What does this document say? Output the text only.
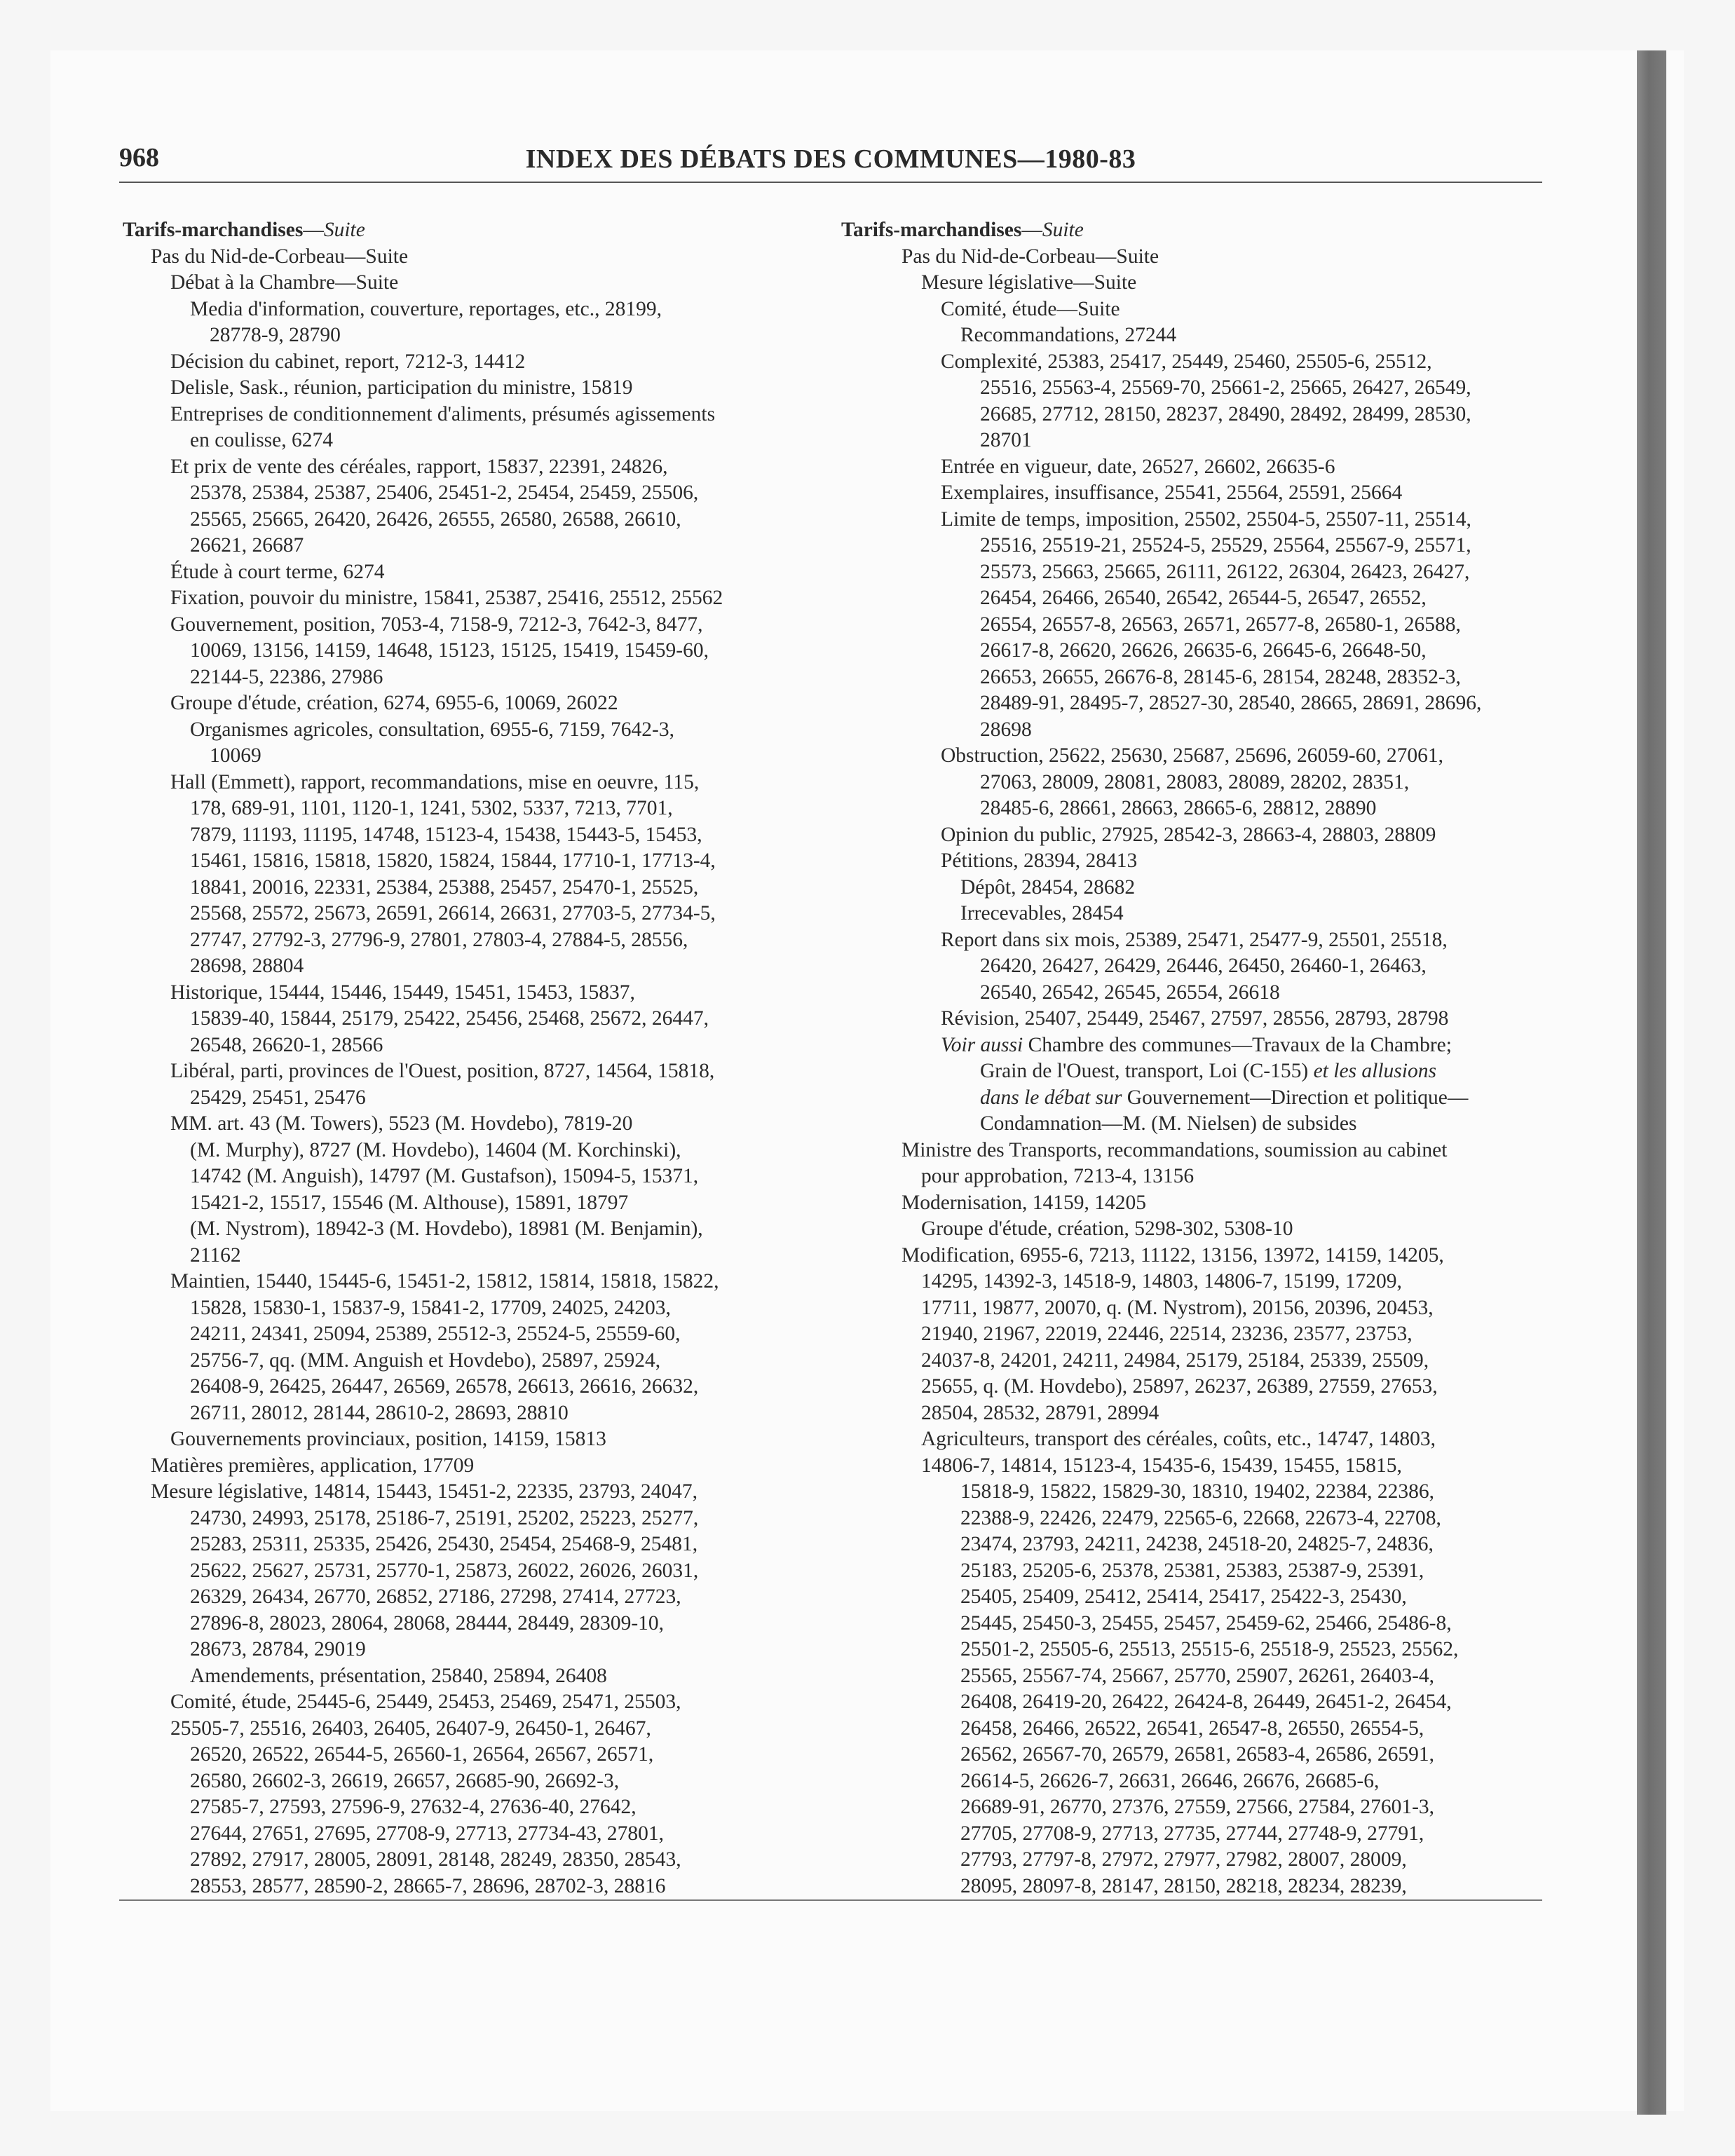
968	INDEX DES DÉBATS DES COMMUNES—1980-83
Tarifs-marchandises—Suite
Pas du Nid-de-Corbeau—Suite
Débat à la Chambre—Suite
Media d'information, couverture, reportages, etc., 28199,
28778-9, 28790
Décision du cabinet, report, 7212-3, 14412
Delisle, Sask., réunion, participation du ministre, 15819
Entreprises de conditionnement d'aliments, présumés agissements
en coulisse, 6274
Et prix de vente des céréales, rapport, 15837, 22391, 24826,
25378, 25384, 25387, 25406, 25451-2, 25454, 25459, 25506,
25565, 25665, 26420, 26426, 26555, 26580, 26588, 26610,
26621, 26687
Étude à court terme, 6274
Fixation, pouvoir du ministre, 15841, 25387, 25416, 25512, 25562
Gouvernement, position, 7053-4, 7158-9, 7212-3, 7642-3, 8477,
10069, 13156, 14159, 14648, 15123, 15125, 15419, 15459-60,
22144-5, 22386, 27986
Groupe d'étude, création, 6274, 6955-6, 10069, 26022
Organismes agricoles, consultation, 6955-6, 7159, 7642-3,
10069
Hall (Emmett), rapport, recommandations, mise en oeuvre, 115,
178, 689-91, 1101, 1120-1, 1241, 5302, 5337, 7213, 7701,
7879, 11193, 11195, 14748, 15123-4, 15438, 15443-5, 15453,
15461, 15816, 15818, 15820, 15824, 15844, 17710-1, 17713-4,
18841, 20016, 22331, 25384, 25388, 25457, 25470-1, 25525,
25568, 25572, 25673, 26591, 26614, 26631, 27703-5, 27734-5,
27747, 27792-3, 27796-9, 27801, 27803-4, 27884-5, 28556,
28698, 28804
Historique, 15444, 15446, 15449, 15451, 15453, 15837,
15839-40, 15844, 25179, 25422, 25456, 25468, 25672, 26447,
26548, 26620-1, 28566
Libéral, parti, provinces de l'Ouest, position, 8727, 14564, 15818,
25429, 25451, 25476
MM. art. 43 (M. Towers), 5523 (M. Hovdebo), 7819-20
(M. Murphy), 8727 (M. Hovdebo), 14604 (M. Korchinski),
14742 (M. Anguish), 14797 (M. Gustafson), 15094-5, 15371,
15421-2, 15517, 15546 (M. Althouse), 15891, 18797
(M. Nystrom), 18942-3 (M. Hovdebo), 18981 (M. Benjamin),
21162
Maintien, 15440, 15445-6, 15451-2, 15812, 15814, 15818, 15822,
15828, 15830-1, 15837-9, 15841-2, 17709, 24025, 24203,
24211, 24341, 25094, 25389, 25512-3, 25524-5, 25559-60,
25756-7, qq. (MM. Anguish et Hovdebo), 25897, 25924,
26408-9, 26425, 26447, 26569, 26578, 26613, 26616, 26632,
26711, 28012, 28144, 28610-2, 28693, 28810
Gouvernements provinciaux, position, 14159, 15813
Matières premières, application, 17709
Mesure législative, 14814, 15443, 15451-2, 22335, 23793, 24047,
24730, 24993, 25178, 25186-7, 25191, 25202, 25223, 25277,
25283, 25311, 25335, 25426, 25430, 25454, 25468-9, 25481,
25622, 25627, 25731, 25770-1, 25873, 26022, 26026, 26031,
26329, 26434, 26770, 26852, 27186, 27298, 27414, 27723,
27896-8, 28023, 28064, 28068, 28444, 28449, 28309-10,
28673, 28784, 29019
Amendements, présentation, 25840, 25894, 26408
Comité, étude, 25445-6, 25449, 25453, 25469, 25471, 25503,
25505-7, 25516, 26403, 26405, 26407-9, 26450-1, 26467,
26520, 26522, 26544-5, 26560-1, 26564, 26567, 26571,
26580, 26602-3, 26619, 26657, 26685-90, 26692-3,
27585-7, 27593, 27596-9, 27632-4, 27636-40, 27642,
27644, 27651, 27695, 27708-9, 27713, 27734-43, 27801,
27892, 27917, 28005, 28091, 28148, 28249, 28350, 28543,
28553, 28577, 28590-2, 28665-7, 28696, 28702-3, 28816
Tarifs-marchandises—Suite
Pas du Nid-de-Corbeau—Suite
Mesure législative—Suite
Comité, étude—Suite
Recommandations, 27244
Complexité, 25383, 25417, 25449, 25460, 25505-6, 25512,
25516, 25563-4, 25569-70, 25661-2, 25665, 26427, 26549,
26685, 27712, 28150, 28237, 28490, 28492, 28499, 28530,
28701
Entrée en vigueur, date, 26527, 26602, 26635-6
Exemplaires, insuffisance, 25541, 25564, 25591, 25664
Limite de temps, imposition, 25502, 25504-5, 25507-11, 25514,
25516, 25519-21, 25524-5, 25529, 25564, 25567-9, 25571,
25573, 25663, 25665, 26111, 26122, 26304, 26423, 26427,
26454, 26466, 26540, 26542, 26544-5, 26547, 26552,
26554, 26557-8, 26563, 26571, 26577-8, 26580-1, 26588,
26617-8, 26620, 26626, 26635-6, 26645-6, 26648-50,
26653, 26655, 26676-8, 28145-6, 28154, 28248, 28352-3,
28489-91, 28495-7, 28527-30, 28540, 28665, 28691, 28696,
28698
Obstruction, 25622, 25630, 25687, 25696, 26059-60, 27061,
27063, 28009, 28081, 28083, 28089, 28202, 28351,
28485-6, 28661, 28663, 28665-6, 28812, 28890
Opinion du public, 27925, 28542-3, 28663-4, 28803, 28809
Pétitions, 28394, 28413
Dépôt, 28454, 28682
Irrecevables, 28454
Report dans six mois, 25389, 25471, 25477-9, 25501, 25518,
26420, 26427, 26429, 26446, 26450, 26460-1, 26463,
26540, 26542, 26545, 26554, 26618
Révision, 25407, 25449, 25467, 27597, 28556, 28793, 28798
Voir aussi Chambre des communes—Travaux de la Chambre;
Grain de l'Ouest, transport, Loi (C-155) et les allusions
dans le débat sur Gouvernement—Direction et politique—
Condamnation—M. (M. Nielsen) de subsides
Ministre des Transports, recommandations, soumission au cabinet
pour approbation, 7213-4, 13156
Modernisation, 14159, 14205
Groupe d'étude, création, 5298-302, 5308-10
Modification, 6955-6, 7213, 11122, 13156, 13972, 14159, 14205,
14295, 14392-3, 14518-9, 14803, 14806-7, 15199, 17209,
17711, 19877, 20070, q. (M. Nystrom), 20156, 20396, 20453,
21940, 21967, 22019, 22446, 22514, 23236, 23577, 23753,
24037-8, 24201, 24211, 24984, 25179, 25184, 25339, 25509,
25655, q. (M. Hovdebo), 25897, 26237, 26389, 27559, 27653,
28504, 28532, 28791, 28994
Agriculteurs, transport des céréales, coûts, etc., 14747, 14803,
14806-7, 14814, 15123-4, 15435-6, 15439, 15455, 15815,
15818-9, 15822, 15829-30, 18310, 19402, 22384, 22386,
22388-9, 22426, 22479, 22565-6, 22668, 22673-4, 22708,
23474, 23793, 24211, 24238, 24518-20, 24825-7, 24836,
25183, 25205-6, 25378, 25381, 25383, 25387-9, 25391,
25405, 25409, 25412, 25414, 25417, 25422-3, 25430,
25445, 25450-3, 25455, 25457, 25459-62, 25466, 25486-8,
25501-2, 25505-6, 25513, 25515-6, 25518-9, 25523, 25562,
25565, 25567-74, 25667, 25770, 25907, 26261, 26403-4,
26408, 26419-20, 26422, 26424-8, 26449, 26451-2, 26454,
26458, 26466, 26522, 26541, 26547-8, 26550, 26554-5,
26562, 26567-70, 26579, 26581, 26583-4, 26586, 26591,
26614-5, 26626-7, 26631, 26646, 26676, 26685-6,
26689-91, 26770, 27376, 27559, 27566, 27584, 27601-3,
27705, 27708-9, 27713, 27735, 27744, 27748-9, 27791,
27793, 27797-8, 27972, 27977, 27982, 28007, 28009,
28095, 28097-8, 28147, 28150, 28218, 28234, 28239,
